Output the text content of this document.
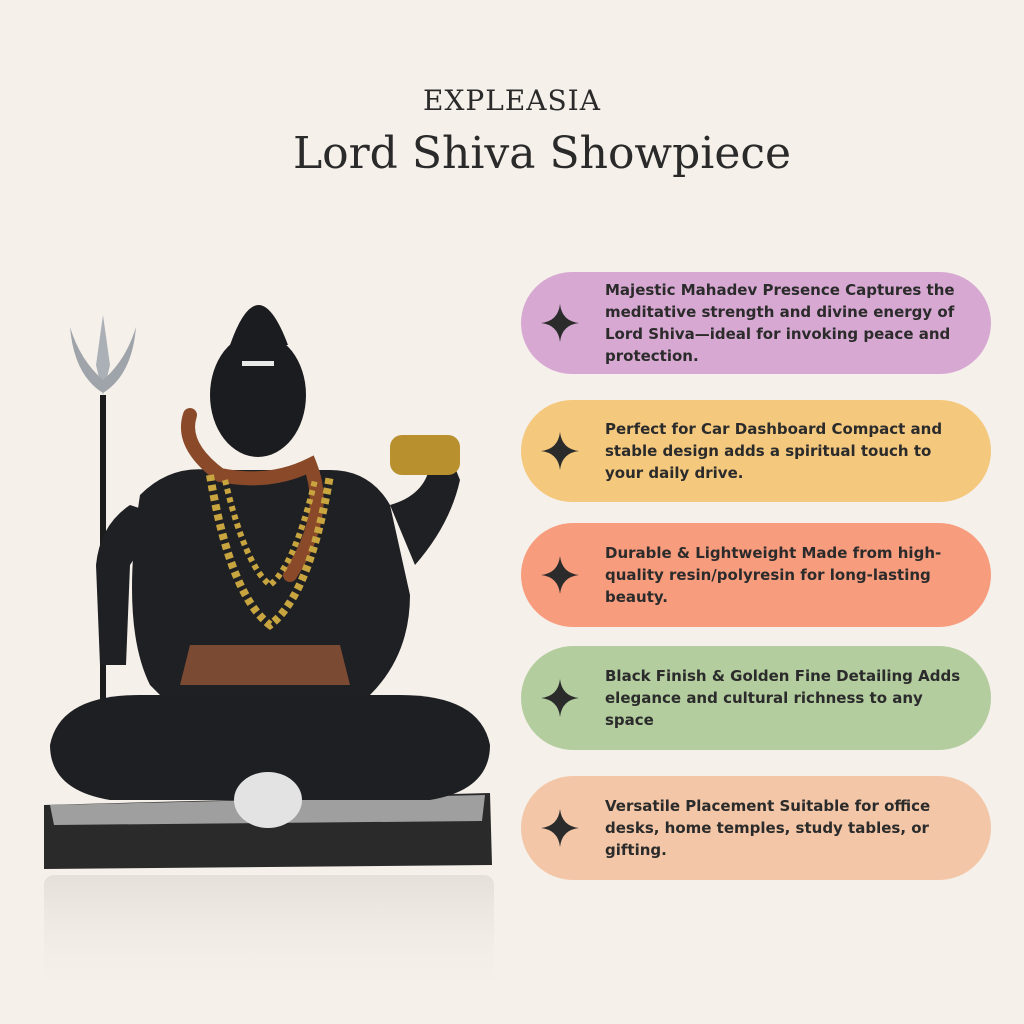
EXPLEASIA
Lord Shiva Showpiece
Majestic Mahadev Presence Captures the meditative strength and divine energy of Lord Shiva—ideal for invoking peace and protection.
Perfect for Car Dashboard Compact and stable design adds a spiritual touch to your daily drive.
Durable & Lightweight Made from high-quality resin/polyresin for long-lasting beauty.
Black Finish & Golden Fine Detailing Adds elegance and cultural richness to any space
Versatile Placement Suitable for office desks, home temples, study tables, or gifting.
